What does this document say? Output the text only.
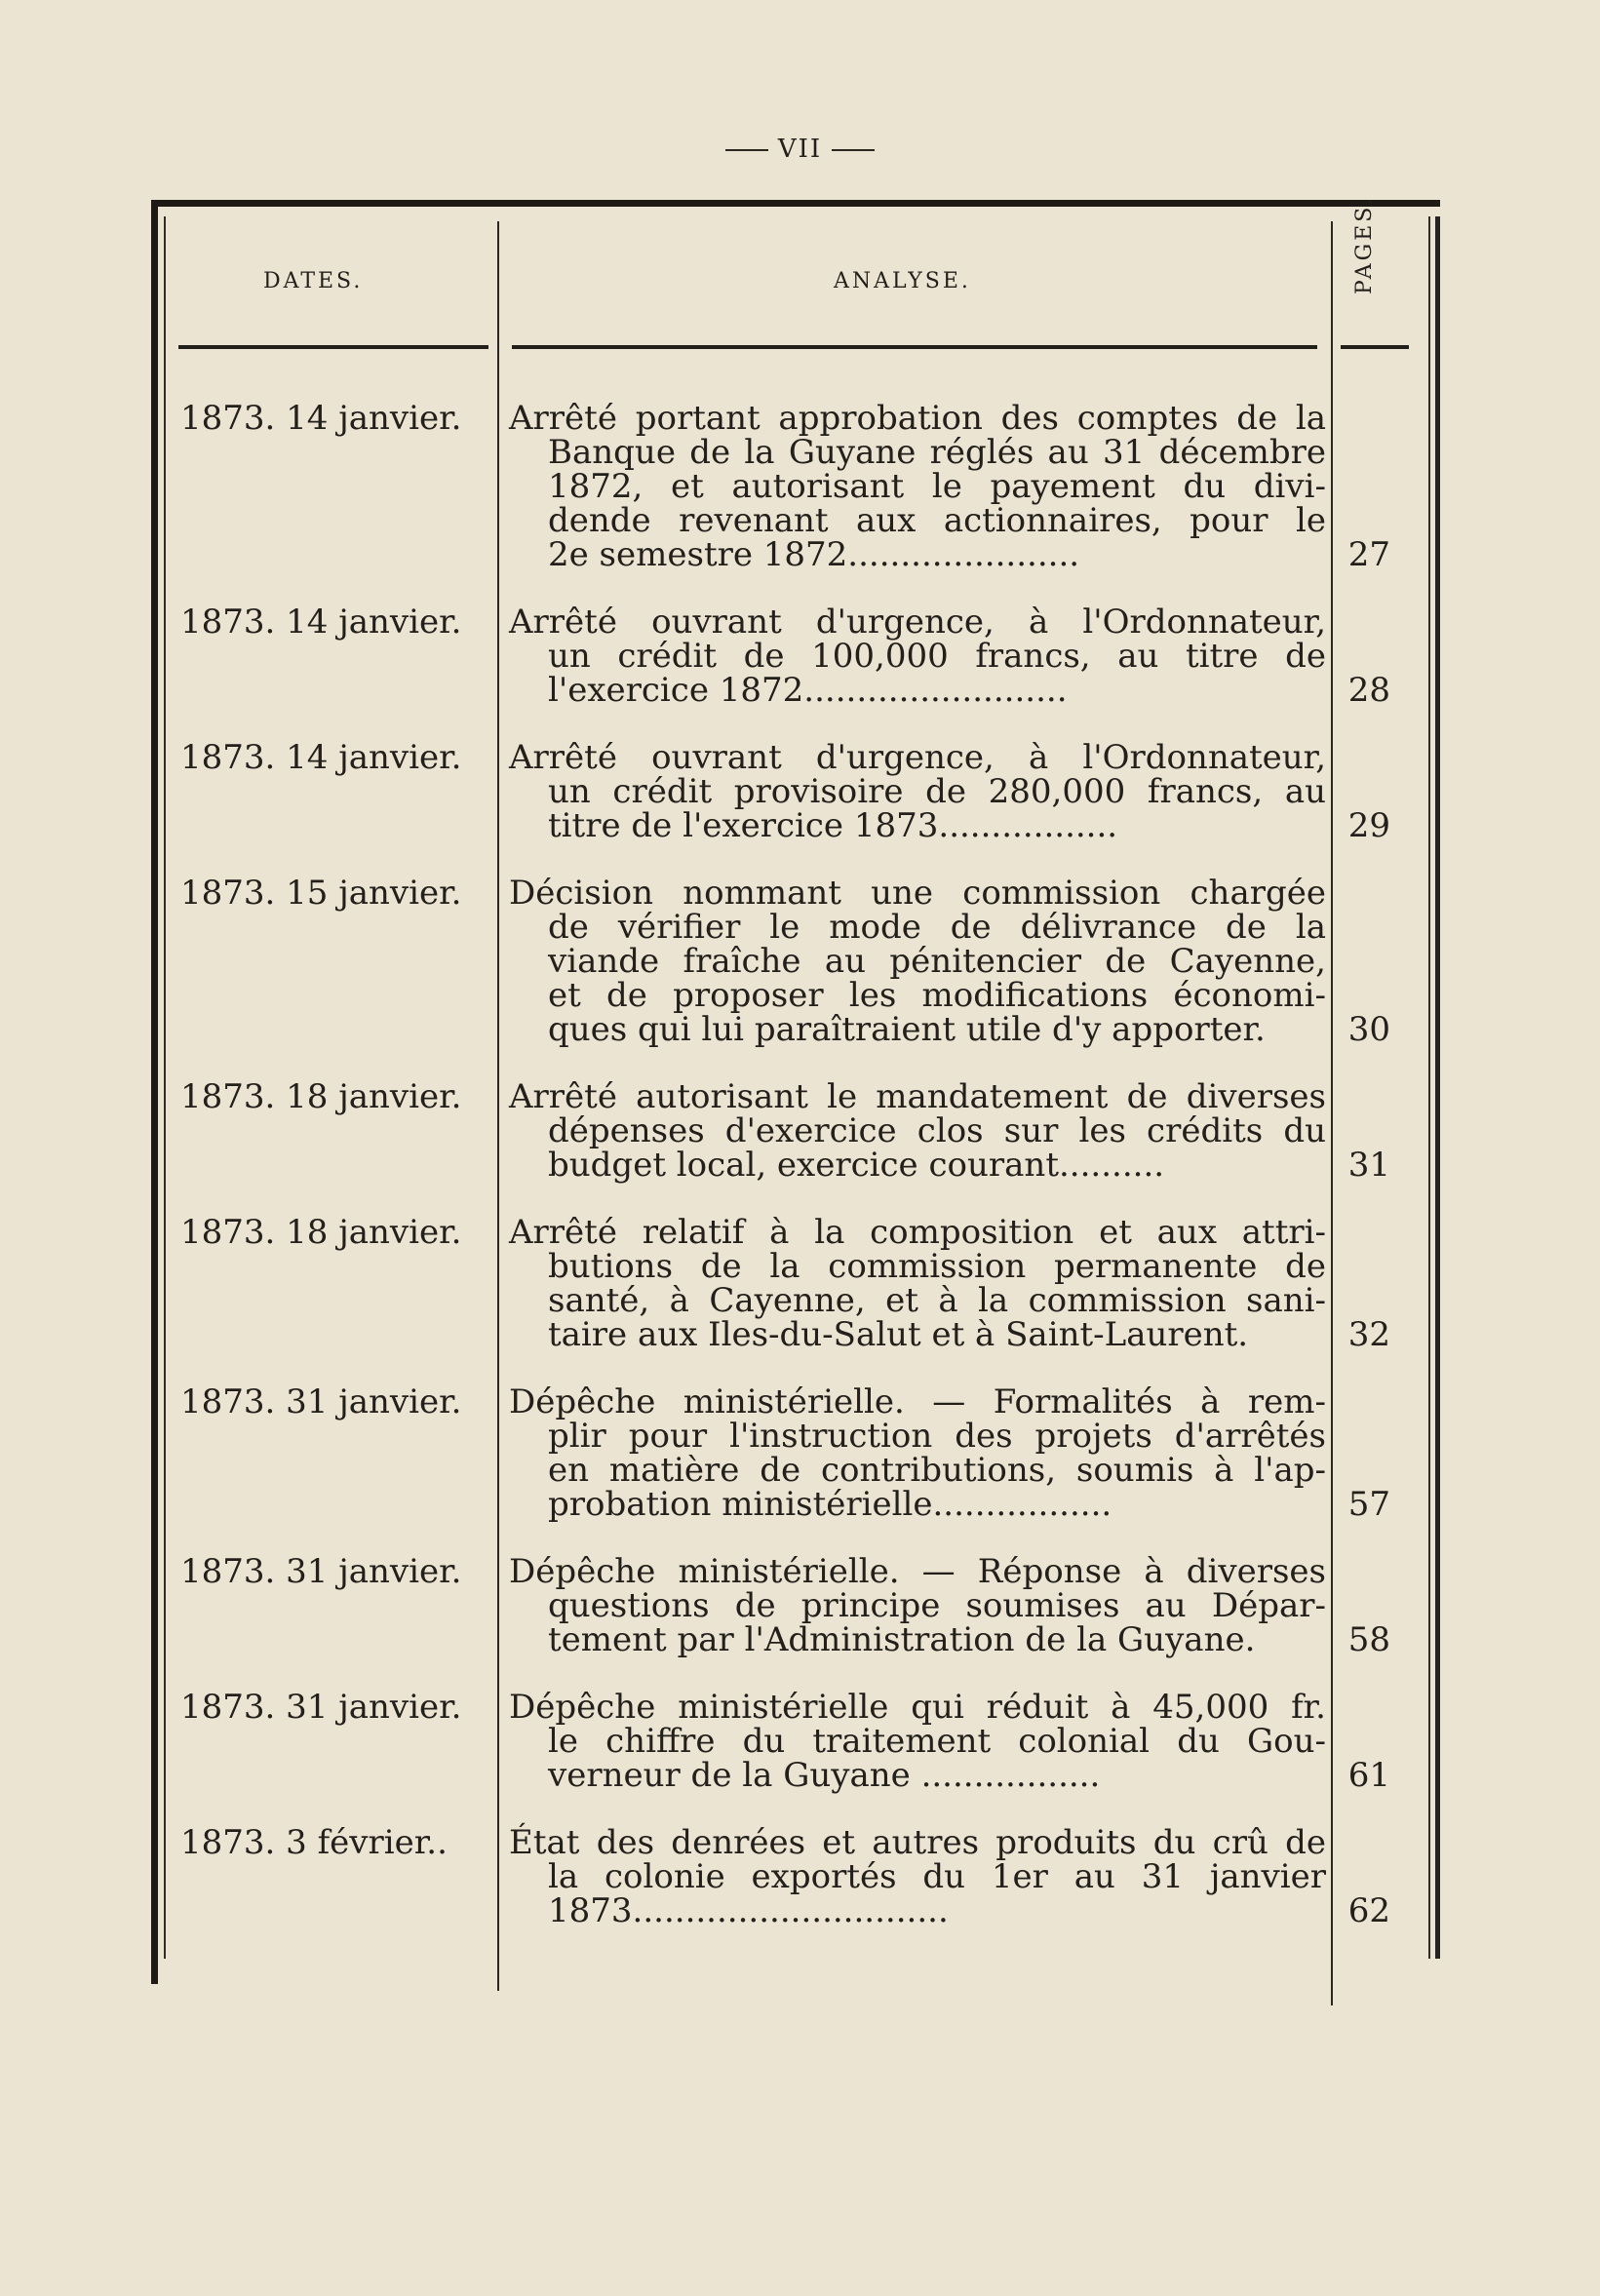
VII
DATES.	ANALYSE.	PAGES.
1873. 14 janvier.	Arrêté portant approbation des comptes de la
Banque de la Guyane réglés au 31 décembre
1872, et autorisant le payement du divi-
dende revenant aux actionnaires, pour le
2e semestre 1872......................	27
1873. 14 janvier.	Arrêté ouvrant d'urgence, à l'Ordonnateur,
un crédit de 100,000 francs, au titre de
l'exercice 1872.........................	28
1873. 14 janvier.	Arrêté ouvrant d'urgence, à l'Ordonnateur,
un crédit provisoire de 280,000 francs, au
titre de l'exercice 1873.................	29
1873. 15 janvier.	Décision nommant une commission chargée
de vérifier le mode de délivrance de la
viande fraîche au pénitencier de Cayenne,
et de proposer les modifications économi-
ques qui lui paraîtraient utile d'y apporter.	30
1873. 18 janvier.	Arrêté autorisant le mandatement de diverses
dépenses d'exercice clos sur les crédits du
budget local, exercice courant..........	31
1873. 18 janvier.	Arrêté relatif à la composition et aux attri-
butions de la commission permanente de
santé, à Cayenne, et à la commission sani-
taire aux Iles-du-Salut et à Saint-Laurent.	32
1873. 31 janvier.	Dépêche ministérielle. — Formalités à rem-
plir pour l'instruction des projets d'arrêtés
en matière de contributions, soumis à l'ap-
probation ministérielle.................	57
1873. 31 janvier.	Dépêche ministérielle. — Réponse à diverses
questions de principe soumises au Dépar-
tement par l'Administration de la Guyane.	58
1873. 31 janvier.	Dépêche ministérielle qui réduit à 45,000 fr.
le chiffre du traitement colonial du Gou-
verneur de la Guyane .................	61
1873. 3 février..	État des denrées et autres produits du crû de
la colonie exportés du 1er au 31 janvier
1873..............................	62
